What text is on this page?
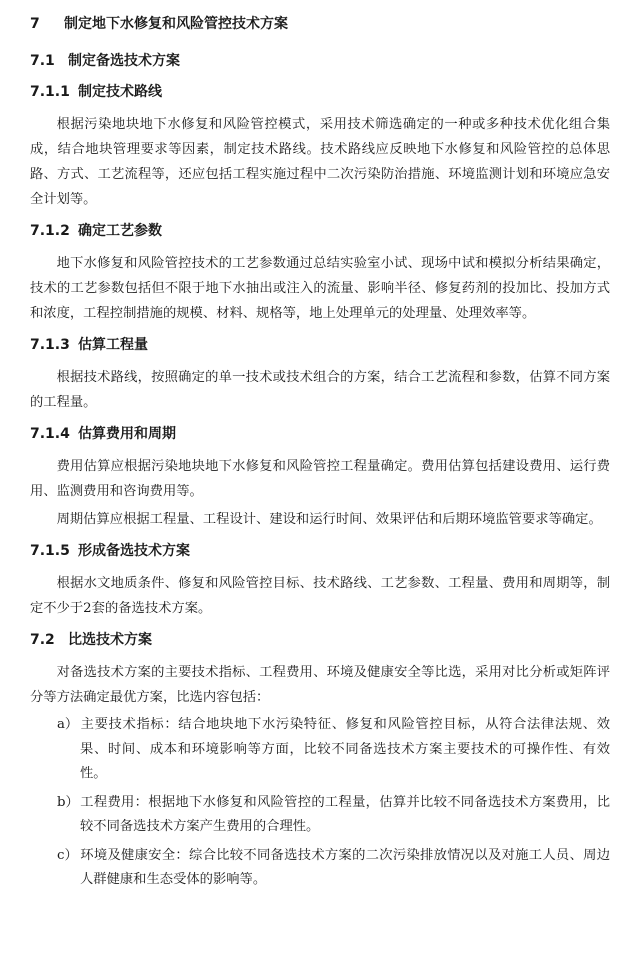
7 制定地下水修复和风险管控技术方案
7.1 制定备选技术方案
7.1.1 制定技术路线

根据污染地块地下水修复和风险管控模式，采用技术筛选确定的一种或多种技术优化组合集成，结合地块管理要求等因素，制定技术路线。技术路线应反映地下水修复和风险管控的总体思路、方式、工艺流程等，还应包括工程实施过程中二次污染防治措施、环境监测计划和环境应急安全计划等。

7.1.2 确定工艺参数

地下水修复和风险管控技术的工艺参数通过总结实验室小试、现场中试和模拟分析结果确定，技术的工艺参数包括但不限于地下水抽出或注入的流量、影响半径、修复药剂的投加比、投加方式和浓度，工程控制措施的规模、材料、规格等，地上处理单元的处理量、处理效率等。

7.1.3 估算工程量

根据技术路线，按照确定的单一技术或技术组合的方案，结合工艺流程和参数，估算不同方案的工程量。

7.1.4 估算费用和周期

费用估算应根据污染地块地下水修复和风险管控工程量确定。费用估算包括建设费用、运行费用、监测费用和咨询费用等。

周期估算应根据工程量、工程设计、建设和运行时间、效果评估和后期环境监管要求等确定。

7.1.5 形成备选技术方案

根据水文地质条件、修复和风险管控目标、技术路线、工艺参数、工程量、费用和周期等，制定不少于2套的备选技术方案。

7.2 比选技术方案

对备选技术方案的主要技术指标、工程费用、环境及健康安全等比选，采用对比分析或矩阵评分等方法确定最优方案，比选内容包括：

a） 主要技术指标：结合地块地下水污染特征、修复和风险管控目标，从符合法律法规、效果、时间、成本和环境影响等方面，比较不同备选技术方案主要技术的可操作性、有效性。

b）工程费用：根据地下水修复和风险管控的工程量，估算并比较不同备选技术方案费用，比较不同备选技术方案产生费用的合理性。

c） 环境及健康安全：综合比较不同备选技术方案的二次污染排放情况以及对施工人员、周边人群健康和生态受体的影响等。
